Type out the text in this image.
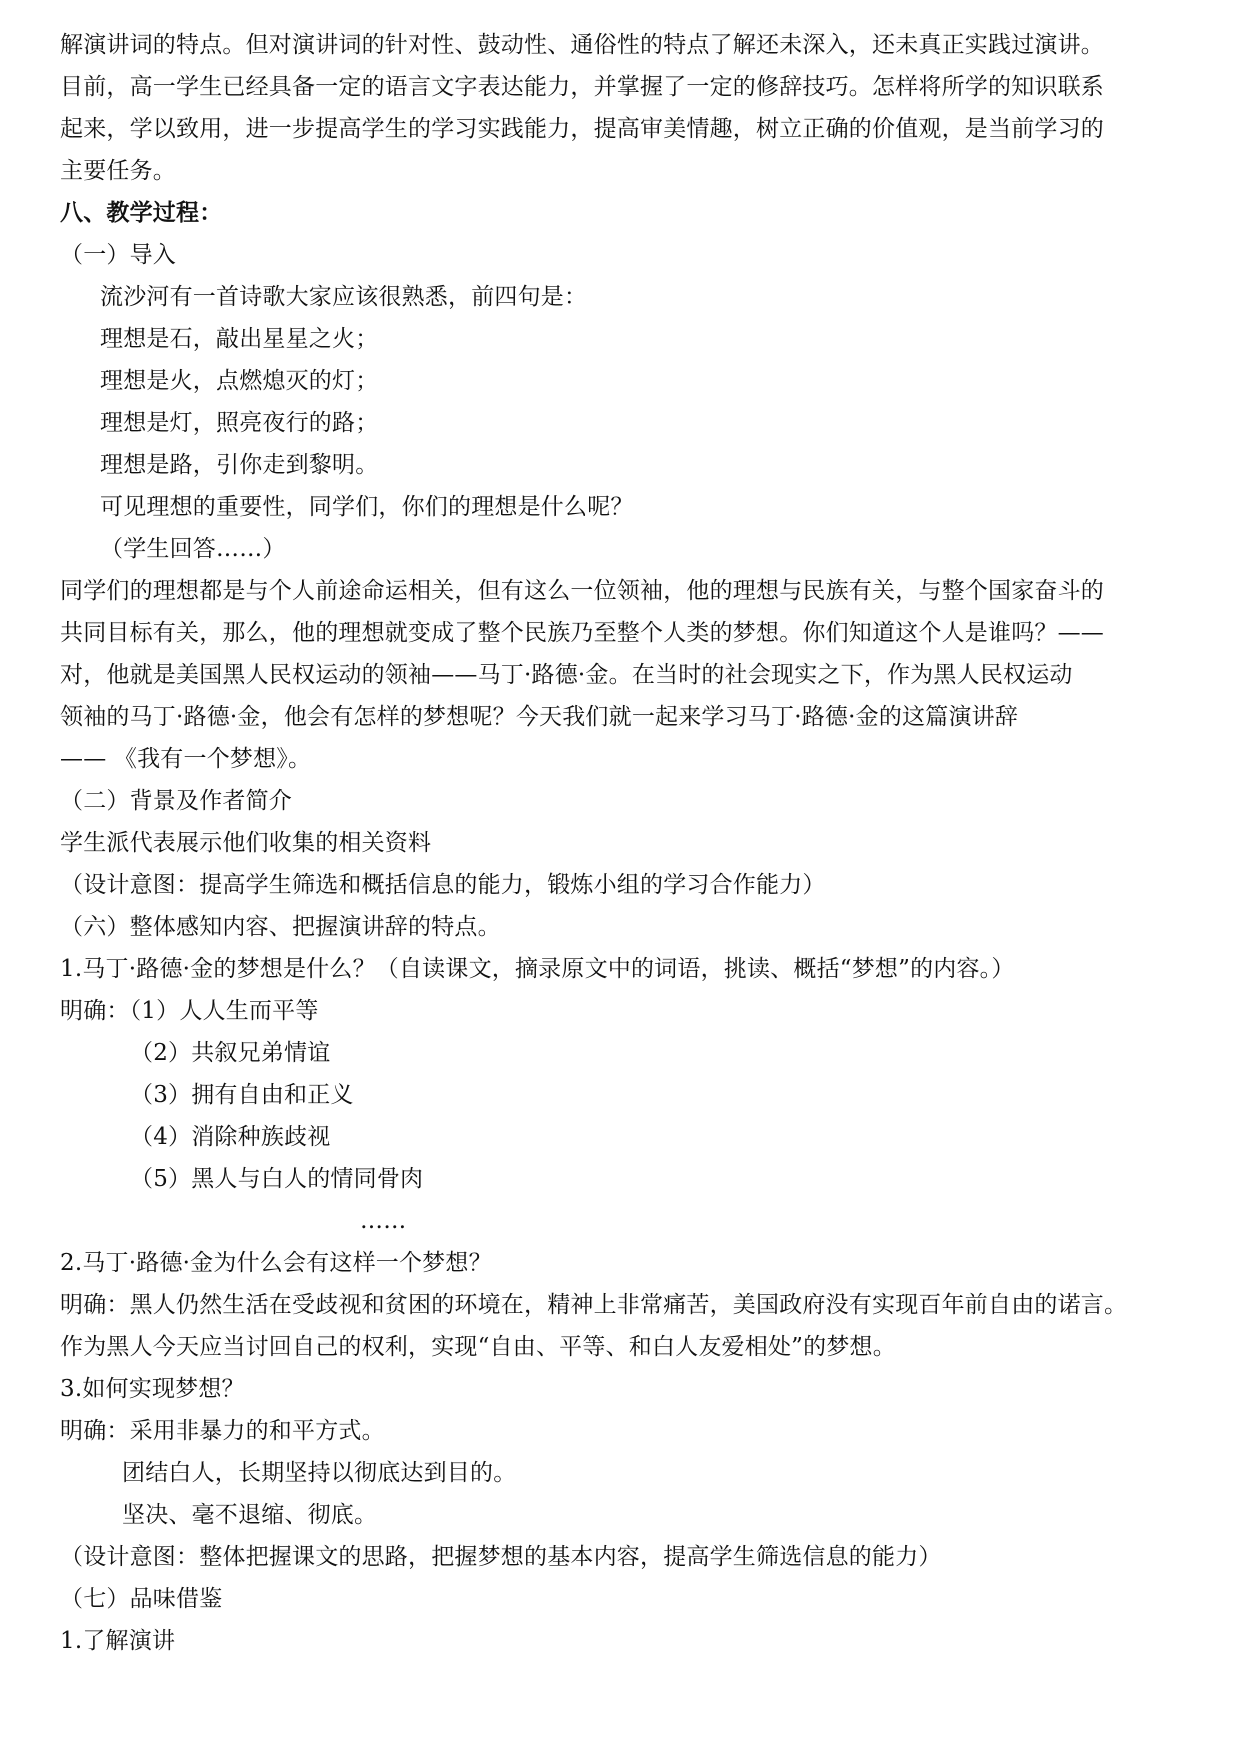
解演讲词的特点。但对演讲词的针对性、鼓动性、通俗性的特点了解还未深入，还未真正实践过演讲。
目前，高一学生已经具备一定的语言文字表达能力，并掌握了一定的修辞技巧。怎样将所学的知识联系
起来，学以致用，进一步提高学生的学习实践能力，提高审美情趣，树立正确的价值观，是当前学习的
主要任务。
八、教学过程：
（一）导入
流沙河有一首诗歌大家应该很熟悉，前四句是：
理想是石，敲出星星之火；
理想是火，点燃熄灭的灯；
理想是灯，照亮夜行的路；
理想是路，引你走到黎明。
可见理想的重要性，同学们，你们的理想是什么呢？
（学生回答……）
同学们的理想都是与个人前途命运相关，但有这么一位领袖，他的理想与民族有关，与整个国家奋斗的
共同目标有关，那么，他的理想就变成了整个民族乃至整个人类的梦想。你们知道这个人是谁吗？——
对，他就是美国黑人民权运动的领袖——马丁·路德·金。在当时的社会现实之下，作为黑人民权运动
领袖的马丁·路德·金，他会有怎样的梦想呢？今天我们就一起来学习马丁·路德·金的这篇演讲辞
—— 《我有一个梦想》。
（二）背景及作者简介
学生派代表展示他们收集的相关资料
（设计意图：提高学生筛选和概括信息的能力，锻炼小组的学习合作能力）
（六）整体感知内容、把握演讲辞的特点。
1.马丁·路德·金的梦想是什么？（自读课文，摘录原文中的词语，挑读、概括“梦想”的内容。）
明确：（1）人人生而平等
（2）共叙兄弟情谊
（3）拥有自由和正义
（4）消除种族歧视
（5）黑人与白人的情同骨肉
……
2.马丁·路德·金为什么会有这样一个梦想？
明确：黑人仍然生活在受歧视和贫困的环境在，精神上非常痛苦，美国政府没有实现百年前自由的诺言。
作为黑人今天应当讨回自己的权利，实现“自由、平等、和白人友爱相处”的梦想。
3.如何实现梦想？
明确：采用非暴力的和平方式。
团结白人，长期坚持以彻底达到目的。
坚决、毫不退缩、彻底。
（设计意图：整体把握课文的思路，把握梦想的基本内容，提高学生筛选信息的能力）
（七）品味借鉴
1.了解演讲
